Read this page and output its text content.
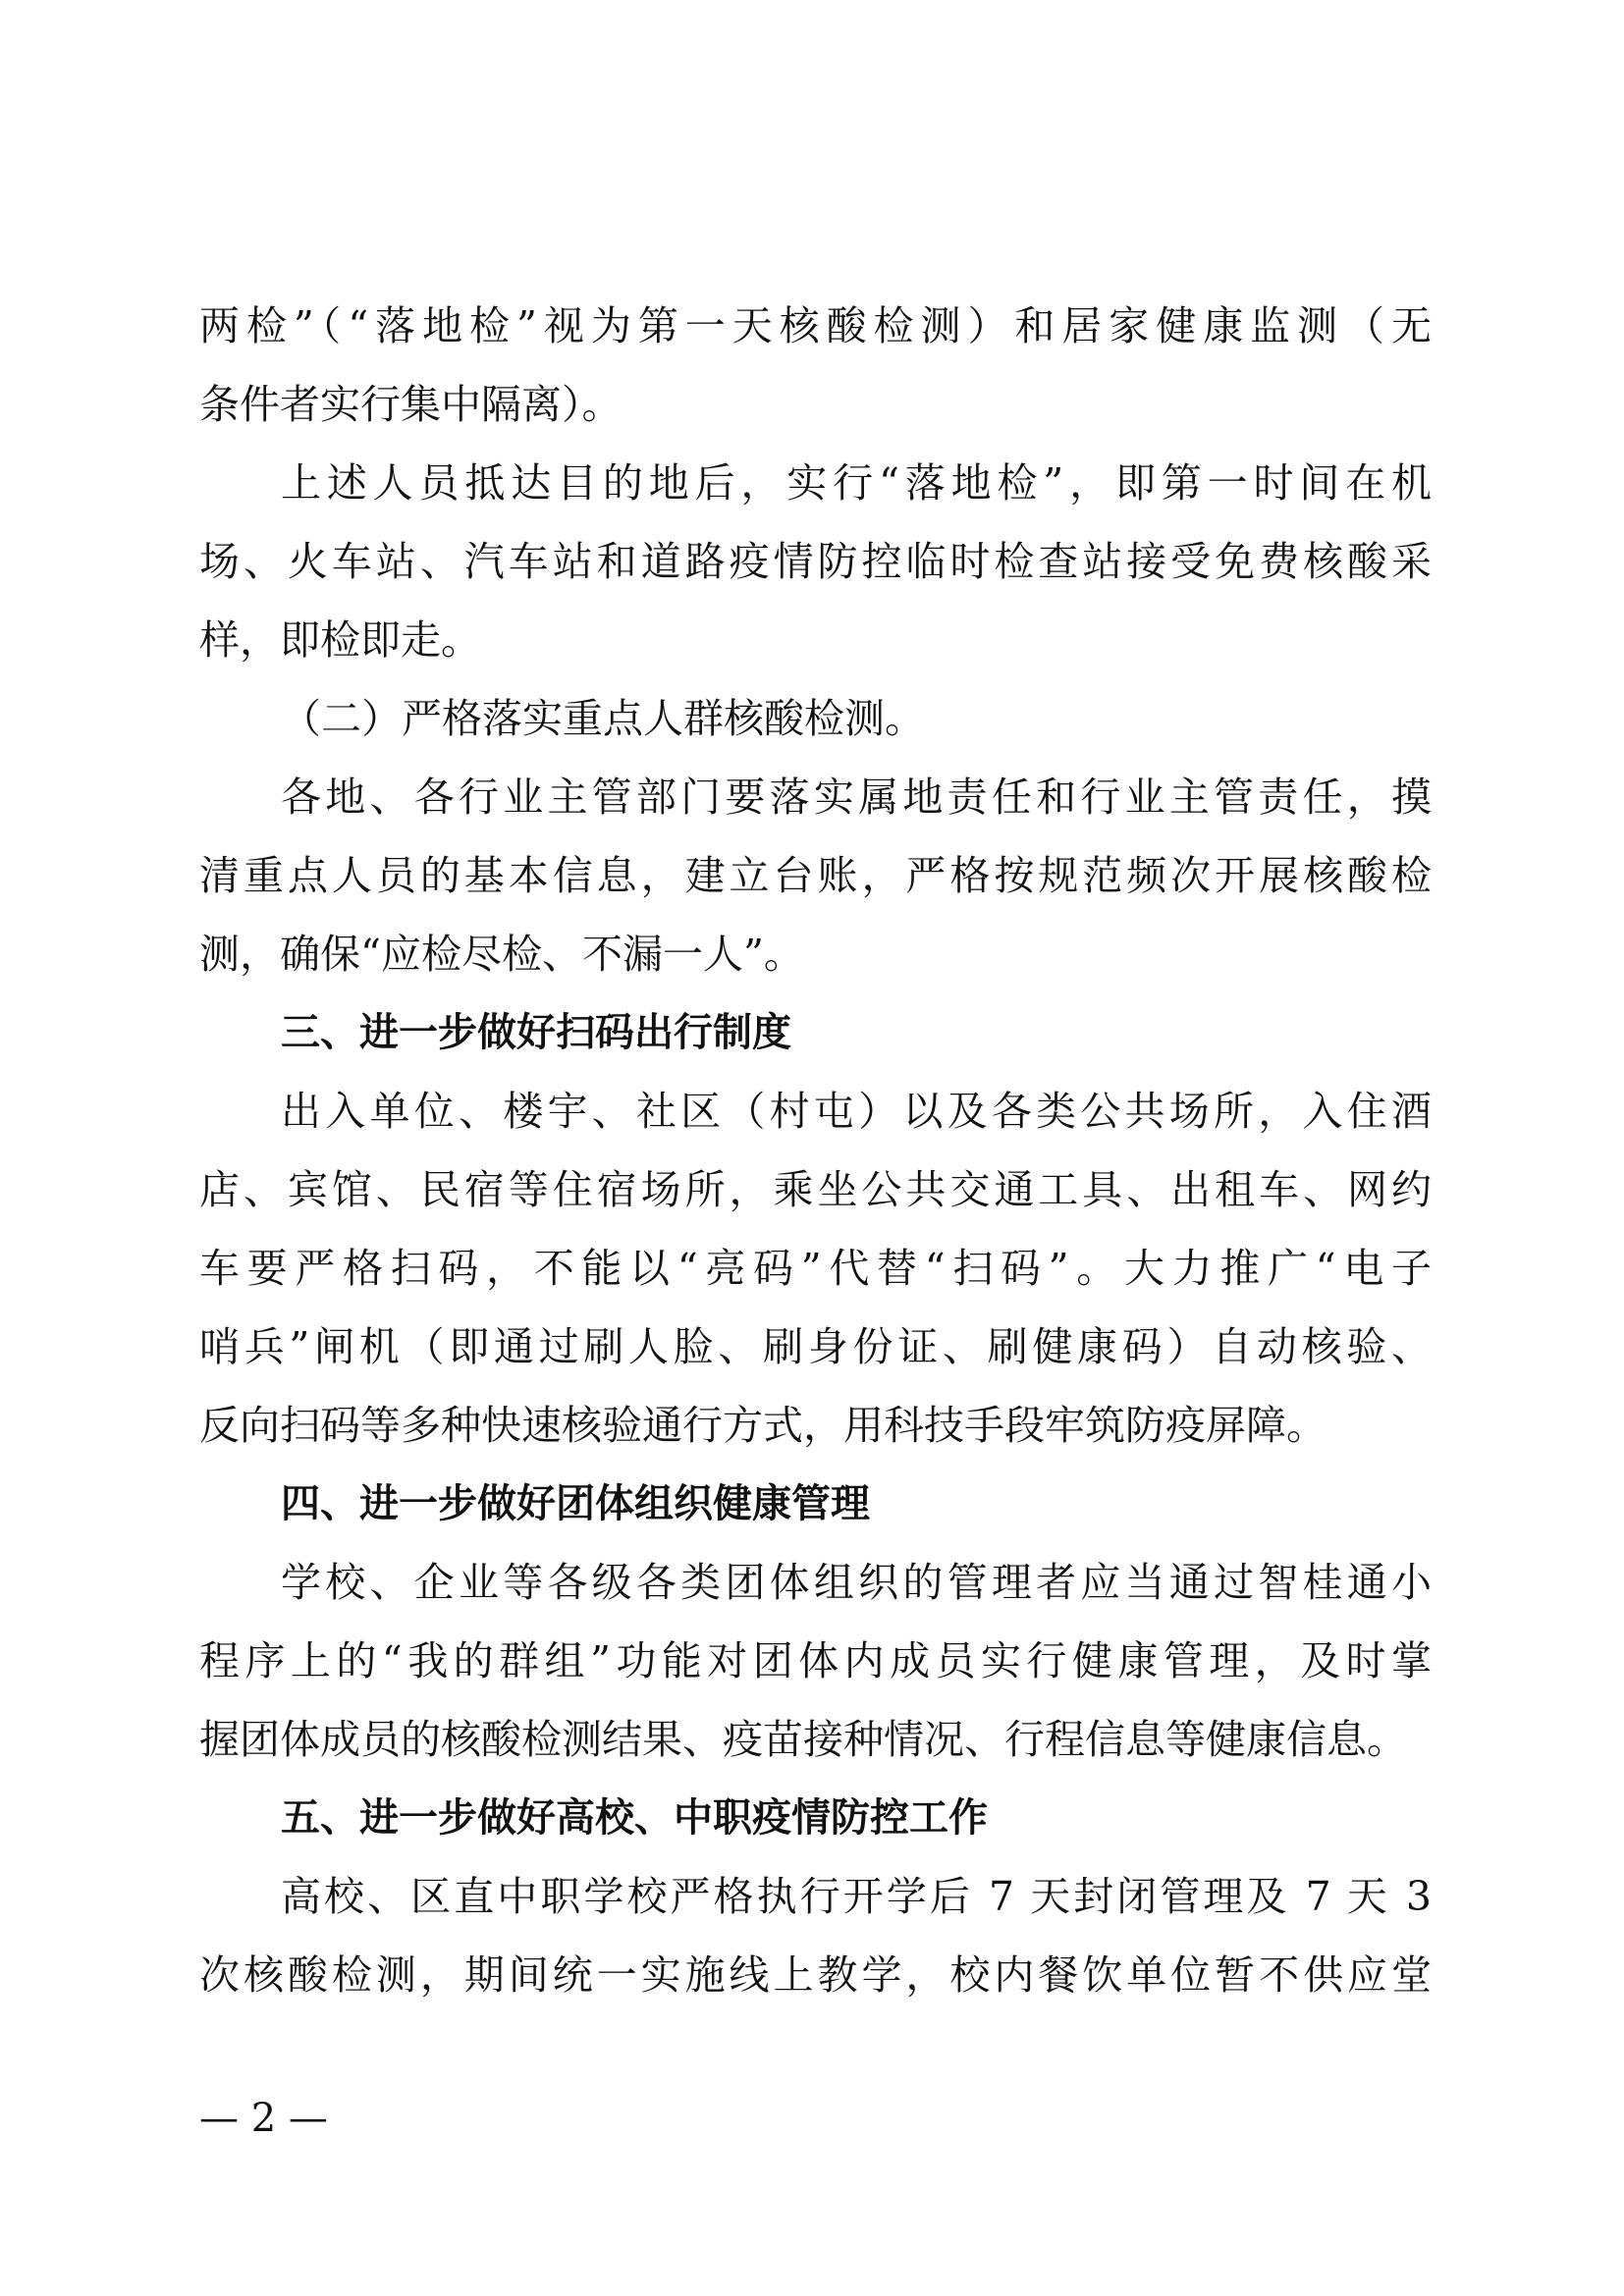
两检”（“落地检”视为第一天核酸检测）和居家健康监测（无
条件者实行集中隔离）。
上述人员抵达目的地后，实行“落地检”，即第一时间在机
场、火车站、汽车站和道路疫情防控临时检查站接受免费核酸采
样，即检即走。
（二）严格落实重点人群核酸检测。
各地、各行业主管部门要落实属地责任和行业主管责任，摸
清重点人员的基本信息，建立台账，严格按规范频次开展核酸检
测，确保“应检尽检、不漏一人”。
三、进一步做好扫码出行制度
出入单位、楼宇、社区（村屯）以及各类公共场所，入住酒
店、宾馆、民宿等住宿场所，乘坐公共交通工具、出租车、网约
车要严格扫码，不能以“亮码”代替“扫码”。大力推广“电子
哨兵”闸机（即通过刷人脸、刷身份证、刷健康码）自动核验、
反向扫码等多种快速核验通行方式，用科技手段牢筑防疫屏障。
四、进一步做好团体组织健康管理
学校、企业等各级各类团体组织的管理者应当通过智桂通小
程序上的“我的群组”功能对团体内成员实行健康管理，及时掌
握团体成员的核酸检测结果、疫苗接种情况、行程信息等健康信息。
五、进一步做好高校、中职疫情防控工作
高校、区直中职学校严格执行开学后 7 天封闭管理及 7 天 3
次核酸检测，期间统一实施线上教学，校内餐饮单位暂不供应堂
— 2 —
